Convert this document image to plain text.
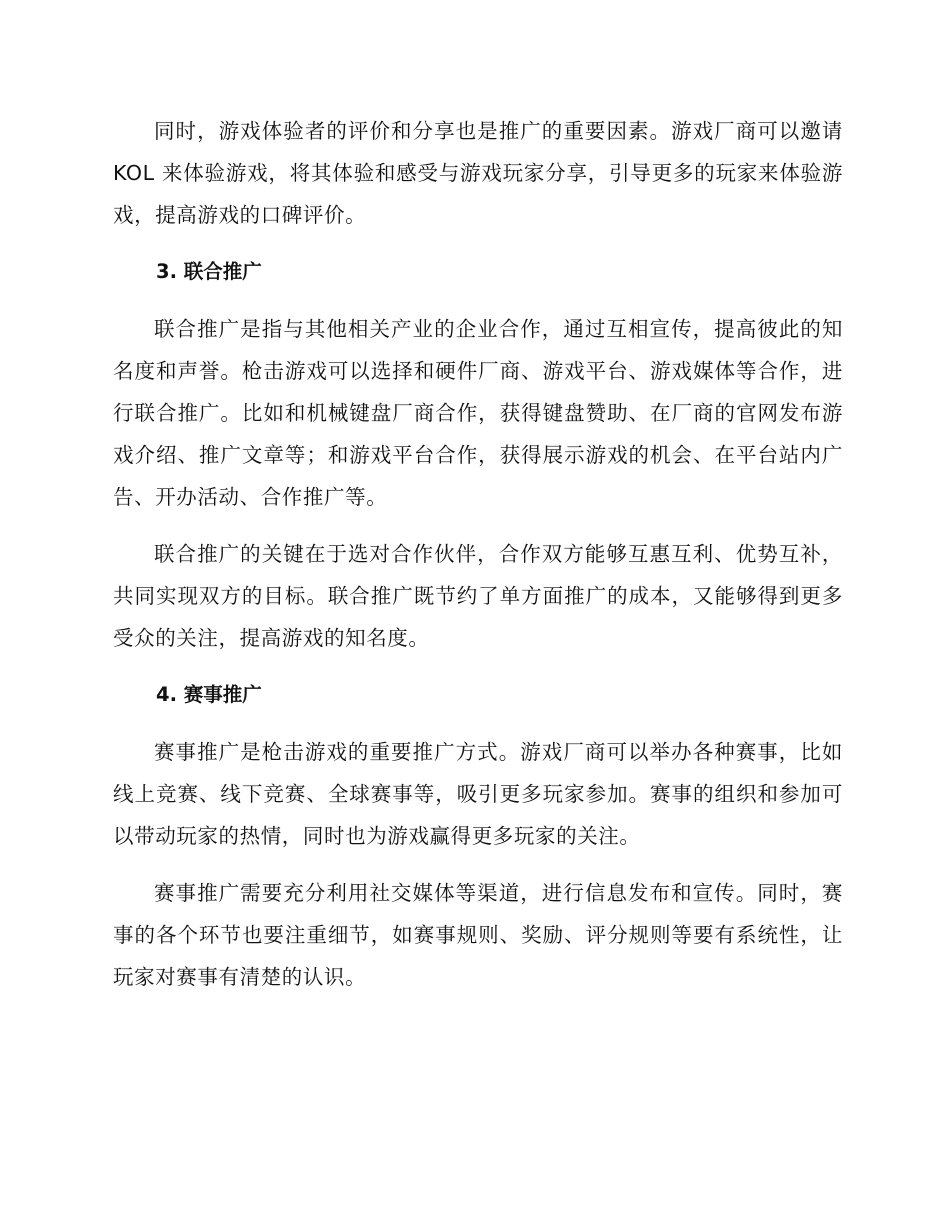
同时，游戏体验者的评价和分享也是推广的重要因素。游戏厂商可以邀请 KOL 来体验游戏，将其体验和感受与游戏玩家分享，引导更多的玩家来体验游戏，提高游戏的口碑评价。

3. 联合推广

联合推广是指与其他相关产业的企业合作，通过互相宣传，提高彼此的知名度和声誉。枪击游戏可以选择和硬件厂商、游戏平台、游戏媒体等合作，进行联合推广。比如和机械键盘厂商合作，获得键盘赞助、在厂商的官网发布游戏介绍、推广文章等；和游戏平台合作，获得展示游戏的机会、在平台站内广告、开办活动、合作推广等。

联合推广的关键在于选对合作伙伴，合作双方能够互惠互利、优势互补，共同实现双方的目标。联合推广既节约了单方面推广的成本，又能够得到更多受众的关注，提高游戏的知名度。

4. 赛事推广

赛事推广是枪击游戏的重要推广方式。游戏厂商可以举办各种赛事，比如线上竞赛、线下竞赛、全球赛事等，吸引更多玩家参加。赛事的组织和参加可以带动玩家的热情，同时也为游戏赢得更多玩家的关注。

赛事推广需要充分利用社交媒体等渠道，进行信息发布和宣传。同时，赛事的各个环节也要注重细节，如赛事规则、奖励、评分规则等要有系统性，让玩家对赛事有清楚的认识。
